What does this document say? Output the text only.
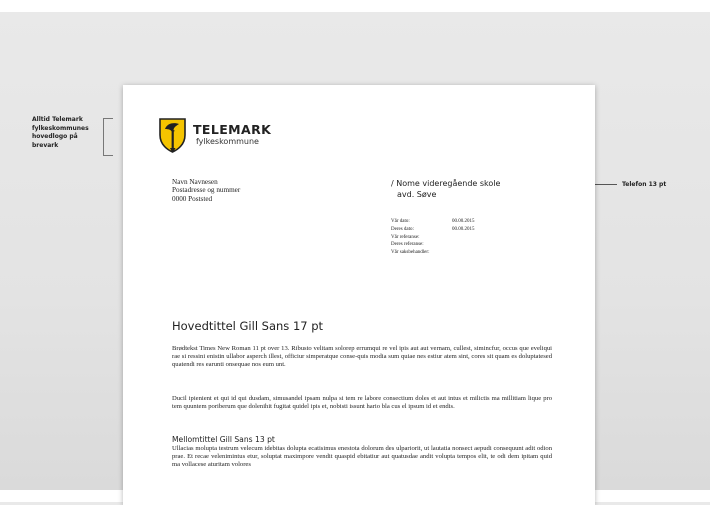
Alltid Telemark fylkeskommunes hovedlogo på brevark
Telefon 13 pt
TELEMARK
fylkeskommune
Navn Navnesen
Postadresse og nummer
0000 Poststed
/ Nome videregående skole
avd. Søve
Vår dato:	00.00.2015
Deres dato:	00.00.2015
Vår referanse:
Deres referanse:
Vår saksbehandler:
Hovedtittel Gill Sans 17 pt
Brødtekst Times New Roman 11 pt over 13. Ribusto velitam solorep errumqui re vel ipis aut aut vernam, cullest, simincfur, occus que eveliqui rae si ressini enistin ullabor asperch illest, officiur simperatque conse-quis modia sum quiae nes estiur atem sint, cores sit quam es doluptatesed quatendi res earunti onsequae nos eum unt.
Ducil ipienient et qui id qui dusdam, simusandel ipsam nulpa si tem re labore consectium doles et aut intus et milictis ma millitiam lique pro tem quuntem poriberum que dolenihit fugitat quidel ipis et, nobisti issunt hario bla cus el ipsum id et endis.
Mellomtittel Gill Sans 13 pt
Ullacias molupta testrum velecum idebitas dolupta ecatisimus enestota dolorum des ulpariorit, ut lautatia nonsect aepudi consequunt adit odion prae. Et recae velenimintus etur, soluptat maximpore vendit quaspid ebitatiur aut quatusdae andit volupta tempos elit, te odi dem ipitam quid ma vollacese aturitam volores
